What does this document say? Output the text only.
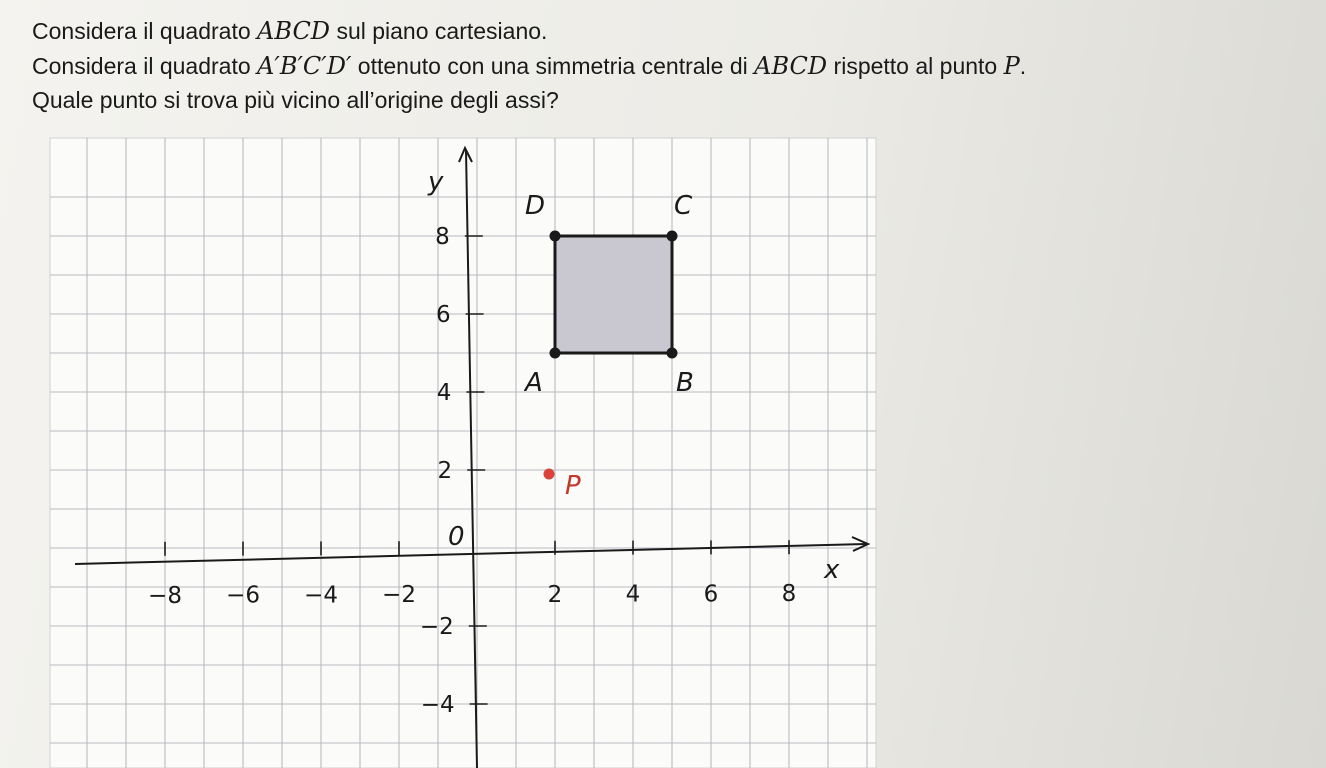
Considera il quadrato ABCD sul piano cartesiano.

Considera il quadrato A′B′C′D′ ottenuto con una simmetria centrale di ABCD rispetto al punto P.

Quale punto si trova più vicino all’origine degli assi?

A	B
C
D
−8 −6 −4 −2	2	4	6	8
8
6
4
2
−2
−4
x
y
0
P
